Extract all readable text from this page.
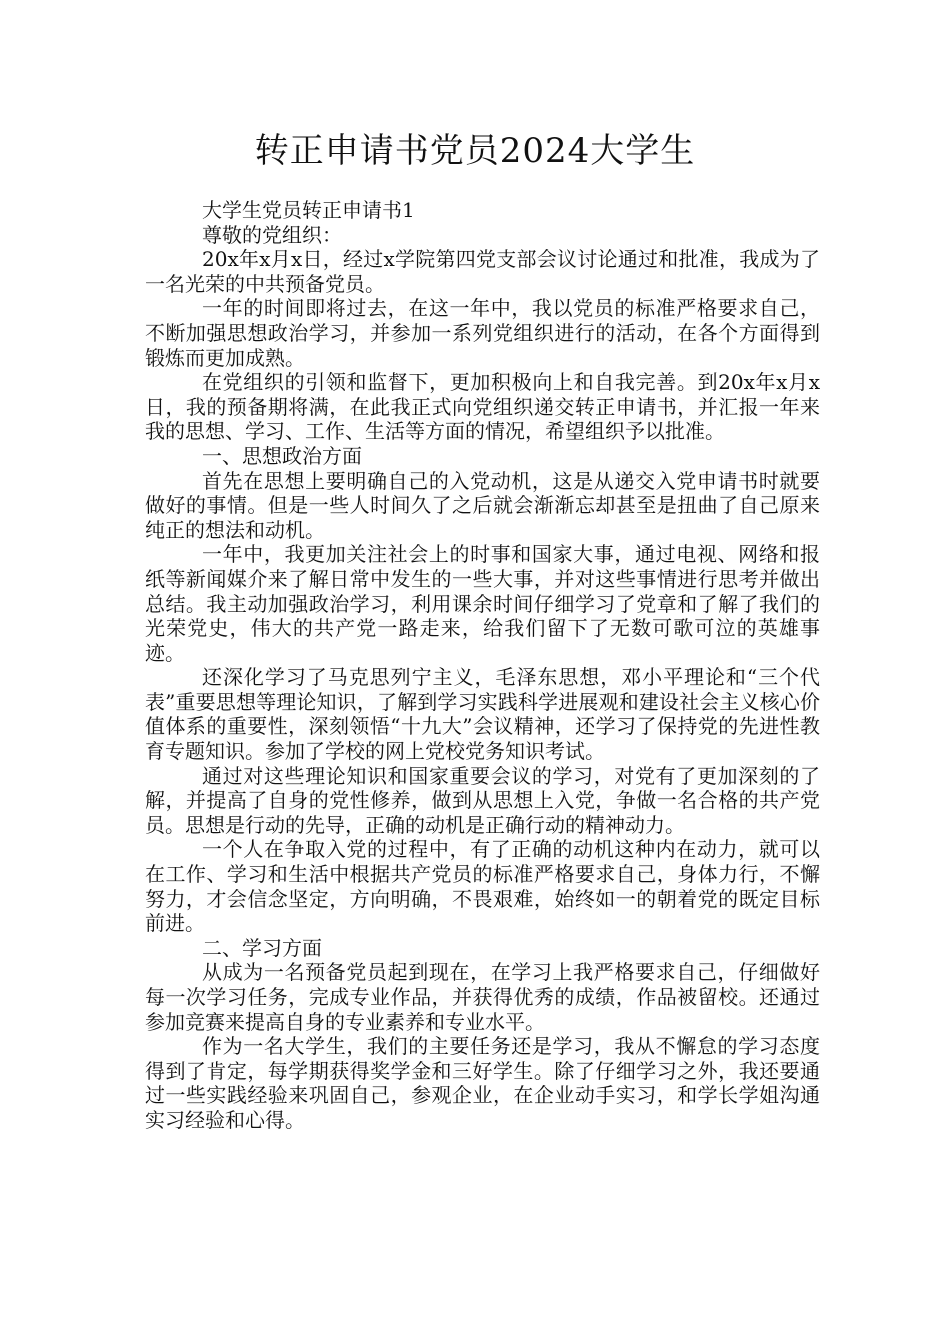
转正申请书党员2024大学生

大学生党员转正申请书1

尊敬的党组织：

20x年x月x日，经过x学院第四党支部会议讨论通过和批准，我成为了一名光荣的中共预备党员。

一年的时间即将过去，在这一年中，我以党员的标准严格要求自己，不断加强思想政治学习，并参加一系列党组织进行的活动，在各个方面得到锻炼而更加成熟。

在党组织的引领和监督下，更加积极向上和自我完善。到20x年x月x日，我的预备期将满，在此我正式向党组织递交转正申请书，并汇报一年来我的思想、学习、工作、生活等方面的情况，希望组织予以批准。

一、思想政治方面

首先在思想上要明确自己的入党动机，这是从递交入党申请书时就要做好的事情。但是一些人时间久了之后就会渐渐忘却甚至是扭曲了自己原来纯正的想法和动机。

一年中，我更加关注社会上的时事和国家大事，通过电视、网络和报纸等新闻媒介来了解日常中发生的一些大事，并对这些事情进行思考并做出总结。我主动加强政治学习，利用课余时间仔细学习了党章和了解了我们的光荣党史，伟大的共产党一路走来，给我们留下了无数可歌可泣的英雄事迹。

还深化学习了马克思列宁主义，毛泽东思想，邓小平理论和“三个代表”重要思想等理论知识，了解到学习实践科学进展观和建设社会主义核心价值体系的重要性，深刻领悟“十九大”会议精神，还学习了保持党的先进性教育专题知识。参加了学校的网上党校党务知识考试。

通过对这些理论知识和国家重要会议的学习，对党有了更加深刻的了解，并提高了自身的党性修养，做到从思想上入党，争做一名合格的共产党员。思想是行动的先导，正确的动机是正确行动的精神动力。

一个人在争取入党的过程中，有了正确的动机这种内在动力，就可以在工作、学习和生活中根据共产党员的标准严格要求自己，身体力行，不懈努力，才会信念坚定，方向明确，不畏艰难，始终如一的朝着党的既定目标前进。

二、学习方面

从成为一名预备党员起到现在，在学习上我严格要求自己，仔细做好每一次学习任务，完成专业作品，并获得优秀的成绩，作品被留校。还通过参加竞赛来提高自身的专业素养和专业水平。

作为一名大学生，我们的主要任务还是学习，我从不懈怠的学习态度得到了肯定，每学期获得奖学金和三好学生。除了仔细学习之外，我还要通过一些实践经验来巩固自己，参观企业，在企业动手实习，和学长学姐沟通实习经验和心得。
